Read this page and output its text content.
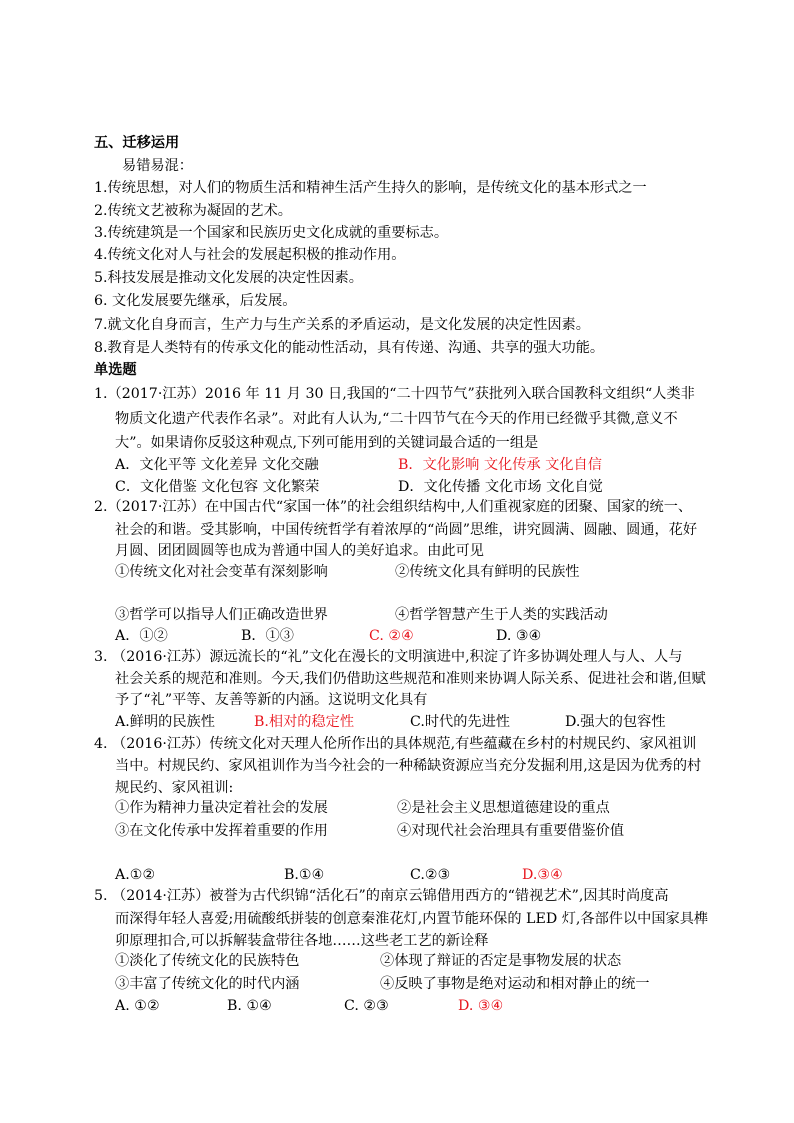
五、迁移运用
易错易混：
1.传统思想，对人们的物质生活和精神生活产生持久的影响，是传统文化的基本形式之一
2.传统文艺被称为凝固的艺术。
3.传统建筑是一个国家和民族历史文化成就的重要标志。
4.传统文化对人与社会的发展起积极的推动作用。
5.科技发展是推动文化发展的决定性因素。
6. 文化发展要先继承，后发展。
7.就文化自身而言，生产力与生产关系的矛盾运动，是文化发展的决定性因素。
8.教育是人类特有的传承文化的能动性活动，具有传递、沟通、共享的强大功能。
单选题
1.（2017·江苏）2016 年 11 月 30 日,我国的“二十四节气”获批列入联合国教科文组织“人类非
物质文化遗产代表作名录”。对此有人认为,“二十四节气在今天的作用已经微乎其微,意义不
大”。如果请你反驳这种观点,下列可能用到的关键词最合适的一组是
A．文化平等 文化差异 文化交融	B．文化影响 文化传承 文化自信
C．文化借鉴 文化包容 文化繁荣	D．文化传播 文化市场 文化自觉
2.（2017·江苏）在中国古代“家国一体”的社会组织结构中,人们重视家庭的团聚、国家的统一、
社会的和谐。受其影响，中国传统哲学有着浓厚的“尚圆”思维，讲究圆满、圆融、圆通，花好
月圆、团团圆圆等也成为普通中国人的美好追求。由此可见
①传统文化对社会变革有深刻影响	②传统文化具有鲜明的民族性
③哲学可以指导人们正确改造世界	④哲学智慧产生于人类的实践活动
A．①②	B．①③	C. ②④	D. ③④
3. （2016·江苏）源远流长的“礼”文化在漫长的文明演进中,积淀了许多协调处理人与人、人与
社会关系的规范和准则。今天,我们仍借助这些规范和准则来协调人际关系、促进社会和谐,但赋
予了“礼”平等、友善等新的内涵。这说明文化具有
A.鲜明的民族性	B.相对的稳定性	C.时代的先进性	D.强大的包容性
4. （2016·江苏）传统文化对天理人伦所作出的具体规范,有些蕴藏在乡村的村规民约、家风祖训
当中。村规民约、家风祖训作为当今社会的一种稀缺资源应当充分发掘利用,这是因为优秀的村
规民约、家风祖训:
①作为精神力量决定着社会的发展	②是社会主义思想道德建设的重点
③在文化传承中发挥着重要的作用	④对现代社会治理具有重要借鉴价值
A.①②	B.①④	C.②③	D.③④
5. （2014·江苏）被誉为古代织锦“活化石”的南京云锦借用西方的“错视艺术”,因其时尚度高
而深得年轻人喜爱;用硫酸纸拼装的创意秦淮花灯,内置节能环保的 LED 灯,各部件以中国家具榫
卯原理扣合,可以拆解装盒带往各地……这些老工艺的新诠释
①淡化了传统文化的民族特色	②体现了辩证的否定是事物发展的状态
③丰富了传统文化的时代内涵	④反映了事物是绝对运动和相对静止的统一
A. ①②	B. ①④	C. ②③	D. ③④
